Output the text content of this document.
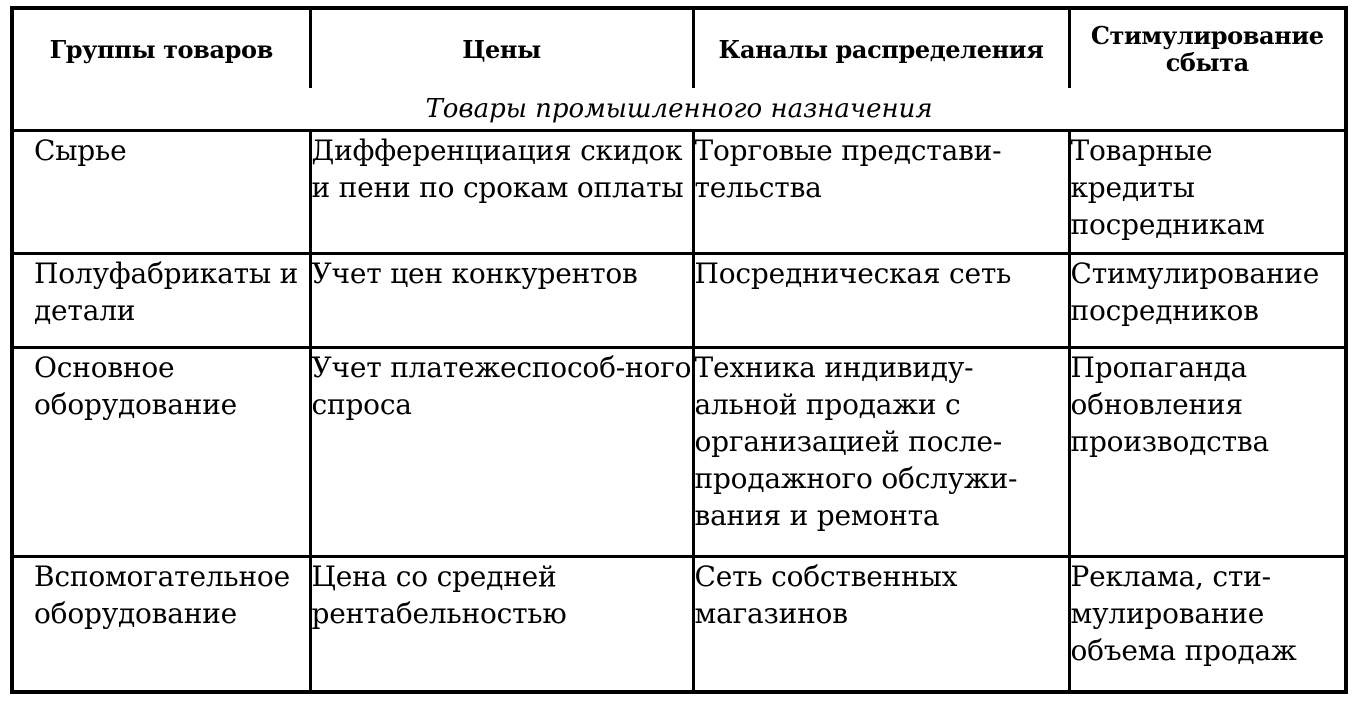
Группы товаров	Цены	Каналы распределения	Стимулирование сбыта
Товары промышленного назначения			
Сырье	Дифференциация скидок и пени по срокам оплаты	Торговые представи-тельства	Товарные кредиты посредникам
Полуфабрикаты и детали	Учет цен конкурентов	Посредническая сеть	Стимулирование посредников
Основное оборудование	Учет платежеспособ-ного спроса	Техника индивиду-альной продажи с организацией после-продажного обслужи-вания и ремонта	Пропаганда обновления производства
Вспомогательное оборудование	Цена со средней рентабельностью	Сеть собственных магазинов	Реклама, сти-мулирование объема продаж
